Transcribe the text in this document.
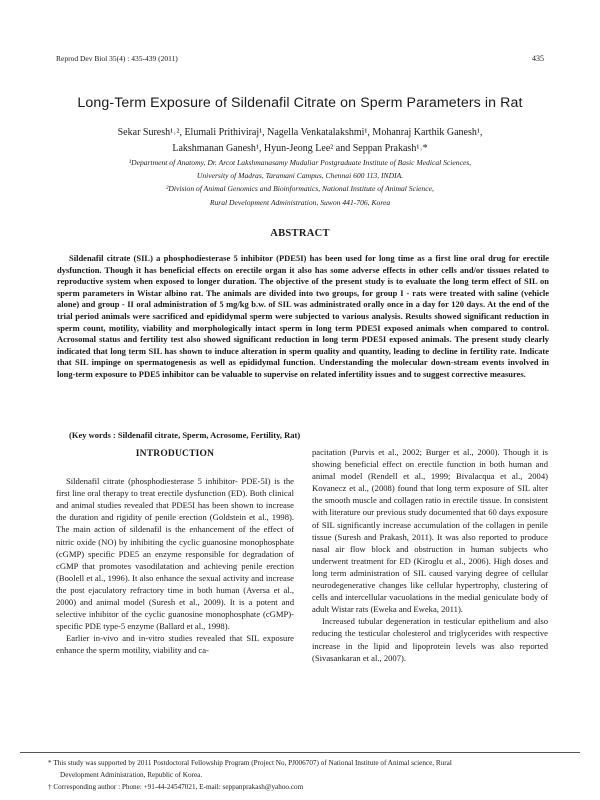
Reprod Dev Biol 35(4) : 435-439 (2011)	435
Long-Term Exposure of Sildenafil Citrate on Sperm Parameters in Rat
Sekar Suresh¹˒², Elumali Prithiviraj¹, Nagella Venkatalakshmi¹, Mohanraj Karthik Ganesh¹,
Lakshmanan Ganesh¹, Hyun-Jeong Lee² and Seppan Prakash¹˒*
¹Department of Anatomy, Dr. Arcot Lakshmanasamy Mudaliar Postgraduate Institute of Basic Medical Sciences,
University of Madras, Taramani Campus, Chennai 600 113, INDIA.
²Division of Animal Genomics and Bioinformatics, National Institute of Animal Science,
Rural Development Administration, Suwon 441-706, Korea
ABSTRACT
Sildenafil citrate (SIL) a phosphodiesterase 5 inhibitor (PDE5I) has been used for long time as a first line oral drug for erectile dysfunction. Though it has beneficial effects on erectile organ it also has some adverse effects in other cells and/or tissues related to reproductive system when exposed to longer duration. The objective of the present study is to evaluate the long term effect of SIL on sperm parameters in Wistar albino rat. The animals are divided into two groups, for group I - rats were treated with saline (vehicle alone) and group - II oral administration of 5 mg/kg b.w. of SIL was administrated orally once in a day for 120 days. At the end of the trial period animals were sacrificed and epididymal sperm were subjected to various analysis. Results showed significant reduction in sperm count, motility, viability and morphologically intact sperm in long term PDE5I exposed animals when compared to control. Acrosomal status and fertility test also showed significant reduction in long term PDE5I exposed animals. The present study clearly indicated that long term SIL has shown to induce alteration in sperm quality and quantity, leading to decline in fertility rate. Indicate that SIL impinge on spermatogenesis as well as epididymal function. Understanding the molecular down-stream events involved in long-term exposure to PDE5 inhibitor can be valuable to supervise on related infertility issues and to suggest corrective measures.
(Key words : Sildenafil citrate, Sperm, Acrosome, Fertility, Rat)
INTRODUCTION

Sildenafil citrate (phosphodiesterase 5 inhibitor- PDE-5I) is the first line oral therapy to treat erectile dysfunction (ED). Both clinical and animal studies revealed that PDE5I has been shown to increase the duration and rigidity of penile erection (Goldstein et al., 1998). The main action of sildenafil is the enhancement of the effect of nitric oxide (NO) by inhibiting the cyclic guanosine monophosphate (cGMP) specific PDE5 an enzyme responsible for degradation of cGMP that promotes vasodilatation and achieving penile erection (Boolell et al., 1996). It also enhance the sexual activity and increase the post ejaculatory refractory time in both human (Aversa et al., 2000) and animal model (Suresh et al., 2009). It is a potent and selective inhibitor of the cyclic guanosine monophosphate (cGMP)-specific PDE type-5 enzyme (Ballard et al., 1998).

Earlier in-vivo and in-vitro studies revealed that SIL exposure enhance the sperm motility, viability and ca-

pacitation (Purvis et al., 2002; Burger et al., 2000). Though it is showing beneficial effect on erectile function in both human and animal model (Rendell et al., 1999; Bivalacqua et al., 2004) Kovanecz et al., (2008) found that long term exposure of SIL alter the smooth muscle and collagen ratio in erectile tissue. In consistent with literature our previous study documented that 60 days exposure of SIL significantly increase accumulation of the collagen in penile tissue (Suresh and Prakash, 2011). It was also reported to produce nasal air flow block and obstruction in human subjects who underwent treatment for ED (Kiroglu et al., 2006). High doses and long term administration of SIL caused varying degree of cellular neurodegenerative changes like cellular hypertrophy, clustering of cells and intercellular vacuolations in the medial geniculate body of adult Wistar rats (Eweka and Eweka, 2011).

Increased tubular degeneration in testicular epithelium and also reducing the testicular cholesterol and triglycerides with respective increase in the lipid and lipoprotein levels was also reported (Sivasankaran et al., 2007).

* This study was supported by 2011 Postdoctoral Fellowship Program (Project No, PJ006707) of National Institute of Animal science, Rural
Development Administration, Republic of Korea.
† Corresponding author : Phone: +91-44-24547021, E-mail: seppanprakash@yahoo.com
